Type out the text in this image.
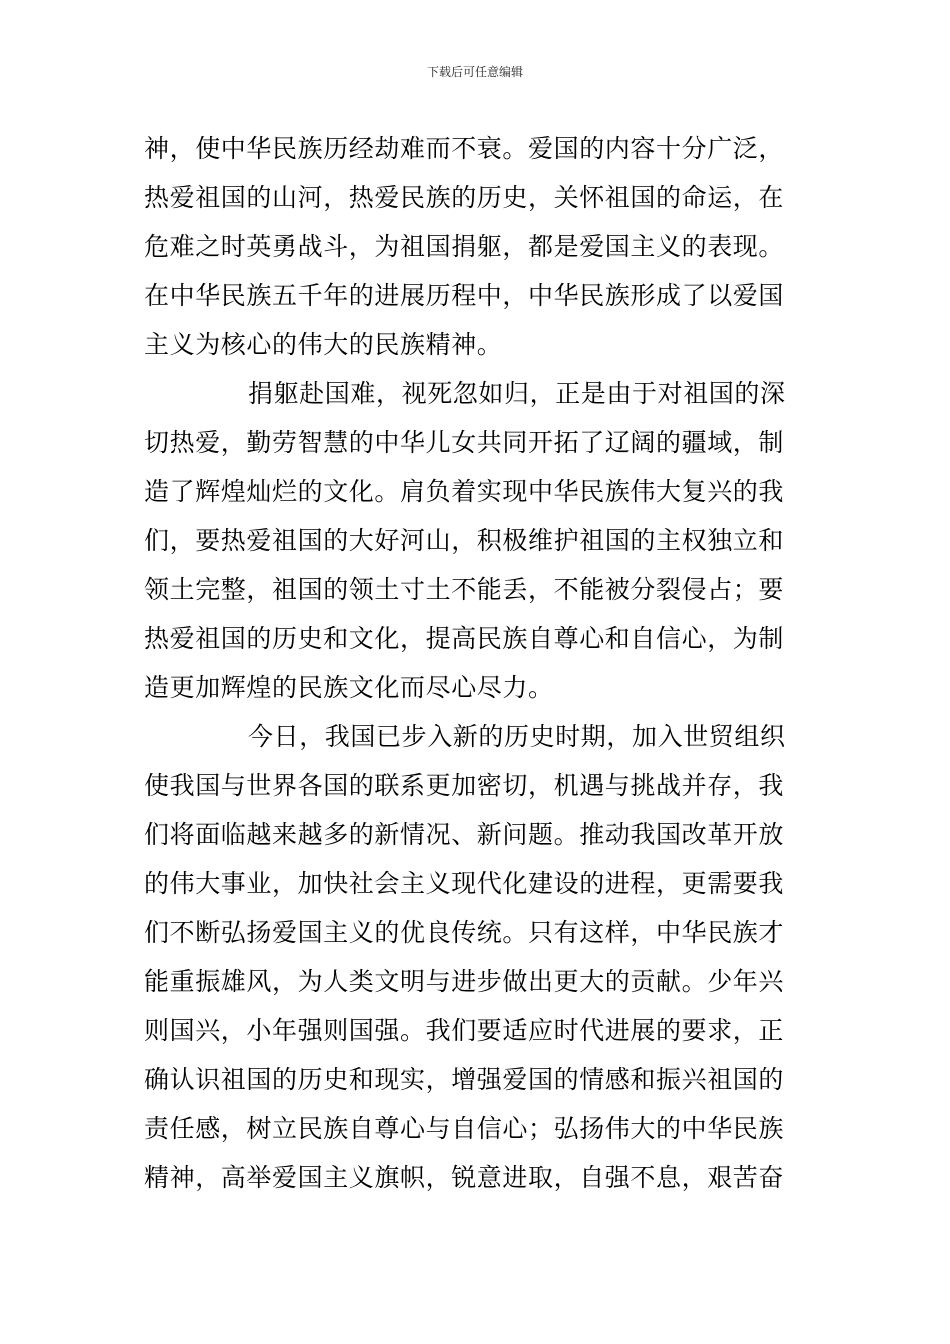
下载后可任意编辑
神，使中华民族历经劫难而不衰。爱国的内容十分广泛，
热爱祖国的山河，热爱民族的历史，关怀祖国的命运，在
危难之时英勇战斗，为祖国捐躯，都是爱国主义的表现。
在中华民族五千年的进展历程中，中华民族形成了以爱国
主义为核心的伟大的民族精神。
捐躯赴国难，视死忽如归，正是由于对祖国的深
切热爱，勤劳智慧的中华儿女共同开拓了辽阔的疆域，制
造了辉煌灿烂的文化。肩负着实现中华民族伟大复兴的我
们，要热爱祖国的大好河山，积极维护祖国的主权独立和
领土完整，祖国的领土寸土不能丢，不能被分裂侵占；要
热爱祖国的历史和文化，提高民族自尊心和自信心，为制
造更加辉煌的民族文化而尽心尽力。
今日，我国已步入新的历史时期，加入世贸组织
使我国与世界各国的联系更加密切，机遇与挑战并存，我
们将面临越来越多的新情况、新问题。推动我国改革开放
的伟大事业，加快社会主义现代化建设的进程，更需要我
们不断弘扬爱国主义的优良传统。只有这样，中华民族才
能重振雄风，为人类文明与进步做出更大的贡献。少年兴
则国兴，小年强则国强。我们要适应时代进展的要求，正
确认识祖国的历史和现实，增强爱国的情感和振兴祖国的
责任感，树立民族自尊心与自信心；弘扬伟大的中华民族
精神，高举爱国主义旗帜，锐意进取，自强不息，艰苦奋
